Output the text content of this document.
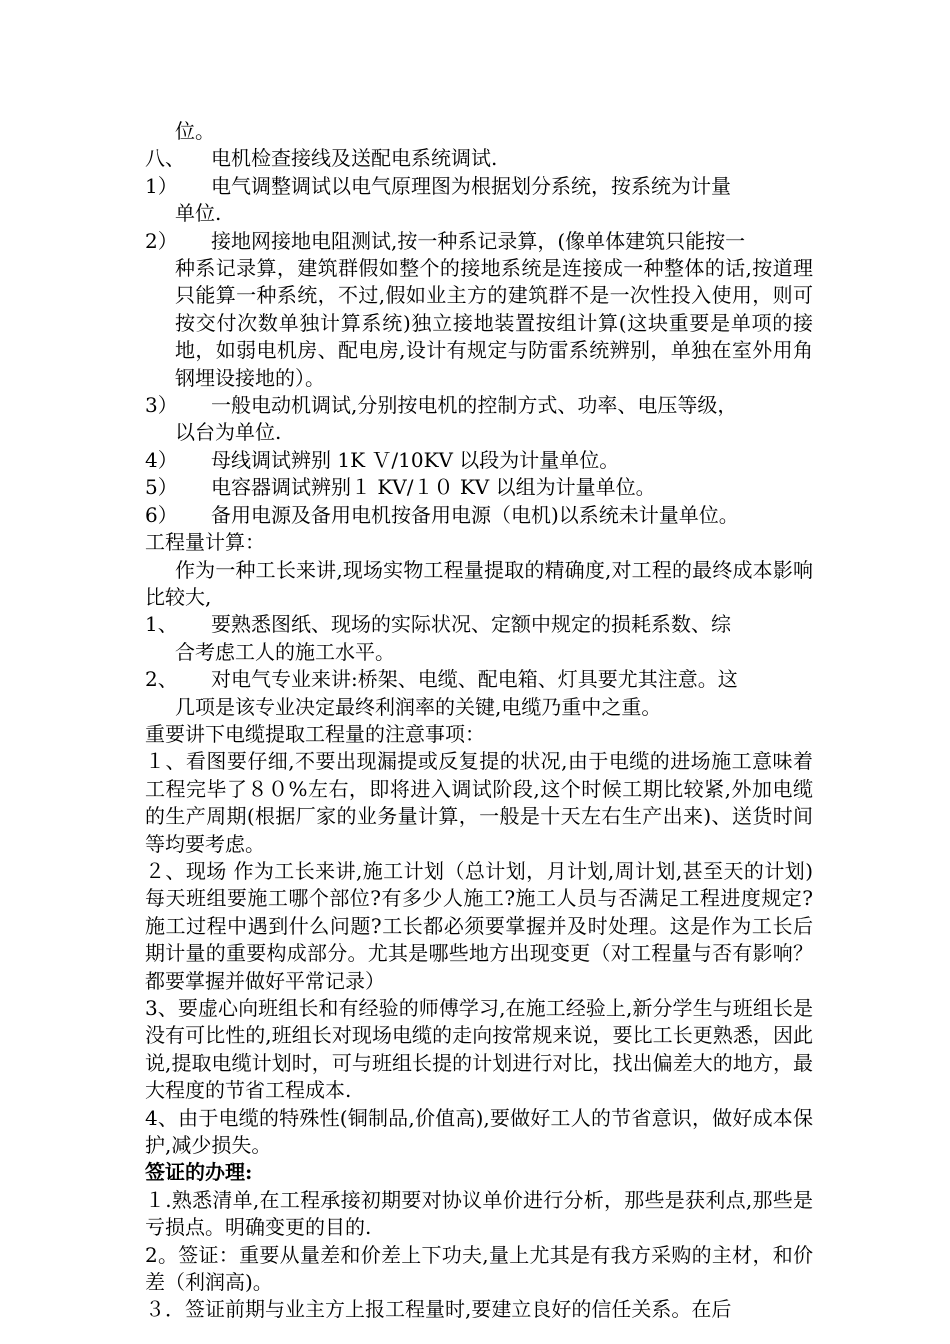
位。

八、	电机检查接线及送配电系统调试.
1）	电气调整调试以电气原理图为根据划分系统，按系统为计量

单位.

2）	接地网接地电阻测试,按一种系记录算，(像单体建筑只能按一

种系记录算，建筑群假如整个的接地系统是连接成一种整体的话,按道理只能算一种系统，不过,假如业主方的建筑群不是一次性投入使用，则可按交付次数单独计算系统)独立接地装置按组计算(这块重要是单项的接地，如弱电机房、配电房,设计有规定与防雷系统辨别，单独在室外用角钢埋设接地的）。

3）	一般电动机调试,分别按电机的控制方式、功率、电压等级，

以台为单位.

4）	母线调试辨别 1K Ｖ/10KV 以段为计量单位。
5）	电容器调试辨别１ KV/１０ KV 以组为计量单位。
6）	备用电源及备用电机按备用电源（电机)以系统未计量单位。

工程量计算：

作为一种工长来讲,现场实物工程量提取的精确度,对工程的最终成本影响比较大,

1、	要熟悉图纸、现场的实际状况、定额中规定的损耗系数、综

合考虑工人的施工水平。

2、	对电气专业来讲:桥架、电缆、配电箱、灯具要尤其注意。这

几项是该专业决定最终利润率的关键,电缆乃重中之重。

重要讲下电缆提取工程量的注意事项：

１、看图要仔细,不要出现漏提或反复提的状况,由于电缆的进场施工意味着工程完毕了８０%左右，即将进入调试阶段,这个时候工期比较紧,外加电缆的生产周期(根据厂家的业务量计算，一般是十天左右生产出来)、送货时间等均要考虑。

２、现场 作为工长来讲,施工计划（总计划，月计划,周计划,甚至天的计划)每天班组要施工哪个部位?有多少人施工?施工人员与否满足工程进度规定?施工过程中遇到什么问题?工长都必须要掌握并及时处理。这是作为工长后期计量的重要构成部分。尤其是哪些地方出现变更（对工程量与否有影响？都要掌握并做好平常记录）

3、要虚心向班组长和有经验的师傅学习,在施工经验上,新分学生与班组长是没有可比性的,班组长对现场电缆的走向按常规来说，要比工长更熟悉，因此说,提取电缆计划时，可与班组长提的计划进行对比，找出偏差大的地方，最大程度的节省工程成本.

4、由于电缆的特殊性(铜制品,价值高),要做好工人的节省意识，做好成本保护,减少损失。

签证的办理:

１.熟悉清单,在工程承接初期要对协议单价进行分析，那些是获利点,那些是亏损点。明确变更的目的.

2。签证：重要从量差和价差上下功夫,量上尤其是有我方采购的主材，和价差（利润高)。

３．签证前期与业主方上报工程量时,要建立良好的信任关系。在后
